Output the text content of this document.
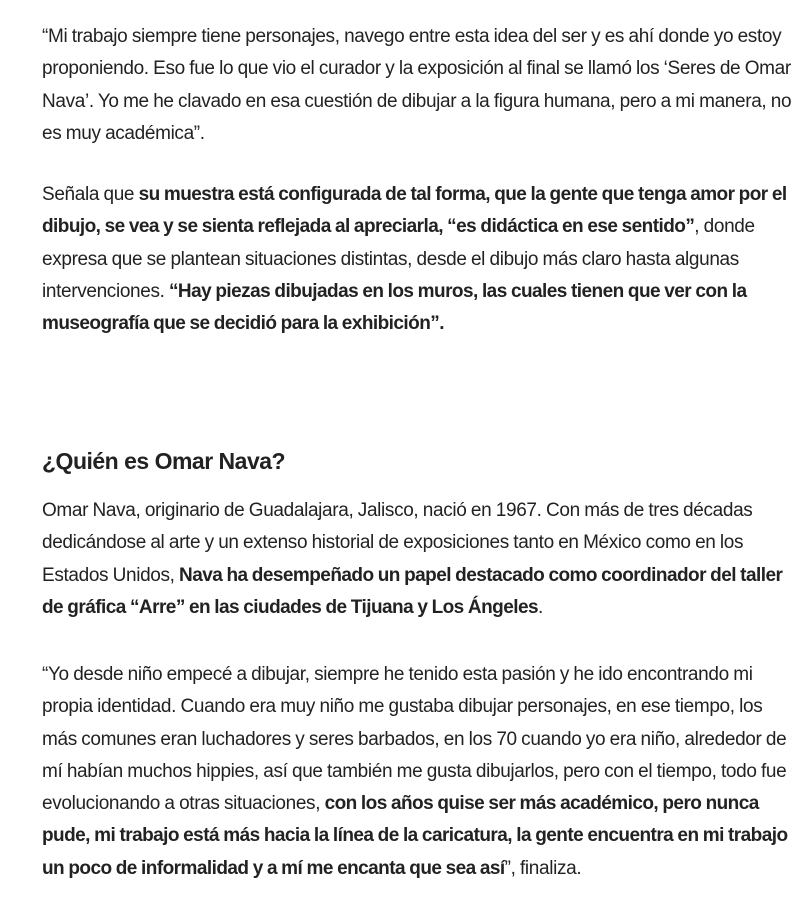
“Mi trabajo siempre tiene personajes, navego entre esta idea del ser y es ahí donde yo estoy proponiendo. Eso fue lo que vio el curador y la exposición al final se llamó los ‘Seres de Omar Nava’. Yo me he clavado en esa cuestión de dibujar a la figura humana, pero a mi manera, no es muy académica”.

Señala que su muestra está configurada de tal forma, que la gente que tenga amor por el dibujo, se vea y se sienta reflejada al apreciarla, “es didáctica en ese sentido”, donde expresa que se plantean situaciones distintas, desde el dibujo más claro hasta algunas intervenciones. “Hay piezas dibujadas en los muros, las cuales tienen que ver con la museografía que se decidió para la exhibición”.

¿Quién es Omar Nava?

Omar Nava, originario de Guadalajara, Jalisco, nació en 1967. Con más de tres décadas dedicándose al arte y un extenso historial de exposiciones tanto en México como en los Estados Unidos, Nava ha desempeñado un papel destacado como coordinador del taller de gráfica “Arre” en las ciudades de Tijuana y Los Ángeles.

“Yo desde niño empecé a dibujar, siempre he tenido esta pasión y he ido encontrando mi propia identidad. Cuando era muy niño me gustaba dibujar personajes, en ese tiempo, los más comunes eran luchadores y seres barbados, en los 70 cuando yo era niño, alrededor de mí habían muchos hippies, así que también me gusta dibujarlos, pero con el tiempo, todo fue evolucionando a otras situaciones, con los años quise ser más académico, pero nunca pude, mi trabajo está más hacia la línea de la caricatura, la gente encuentra en mi trabajo un poco de informalidad y a mí me encanta que sea así”, finaliza.
